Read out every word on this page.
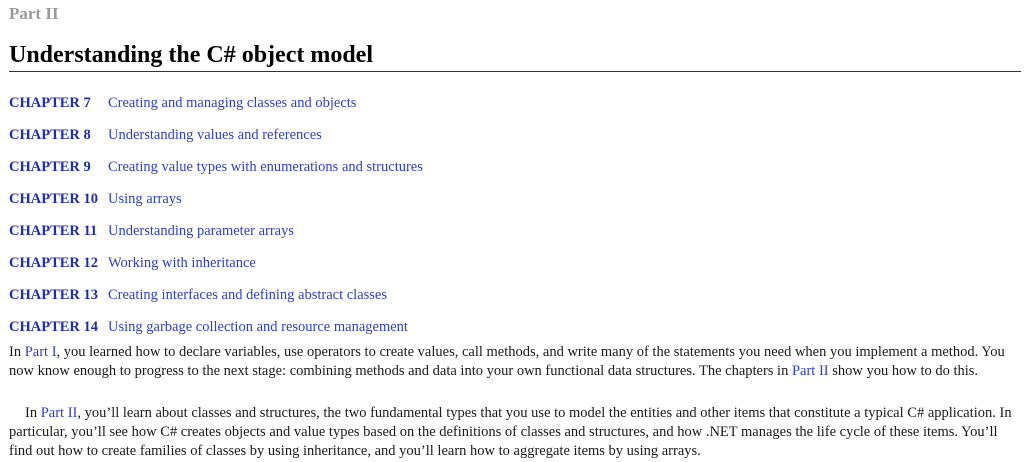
Part II
Understanding the C# object model
CHAPTER 7	Creating and managing classes and objects
CHAPTER 8	Understanding values and references
CHAPTER 9	Creating value types with enumerations and structures
CHAPTER 10 Using arrays
CHAPTER 11 Understanding parameter arrays
CHAPTER 12 Working with inheritance
CHAPTER 13 Creating interfaces and defining abstract classes
CHAPTER 14 Using garbage collection and resource management

In Part I, you learned how to declare variables, use operators to create values, call methods, and write many of the statements you need when you implement a method. You now know enough to progress to the next stage: combining methods and data into your own functional data structures. The chapters in Part II show you how to do this.

In Part II, you’ll learn about classes and structures, the two fundamental types that you use to model the entities and other items that constitute a typical C# application. In particular, you’ll see how C# creates objects and value types based on the definitions of classes and structures, and how .NET manages the life cycle of these items. You’ll find out how to create families of classes by using inheritance, and you’ll learn how to aggregate items by using arrays.
